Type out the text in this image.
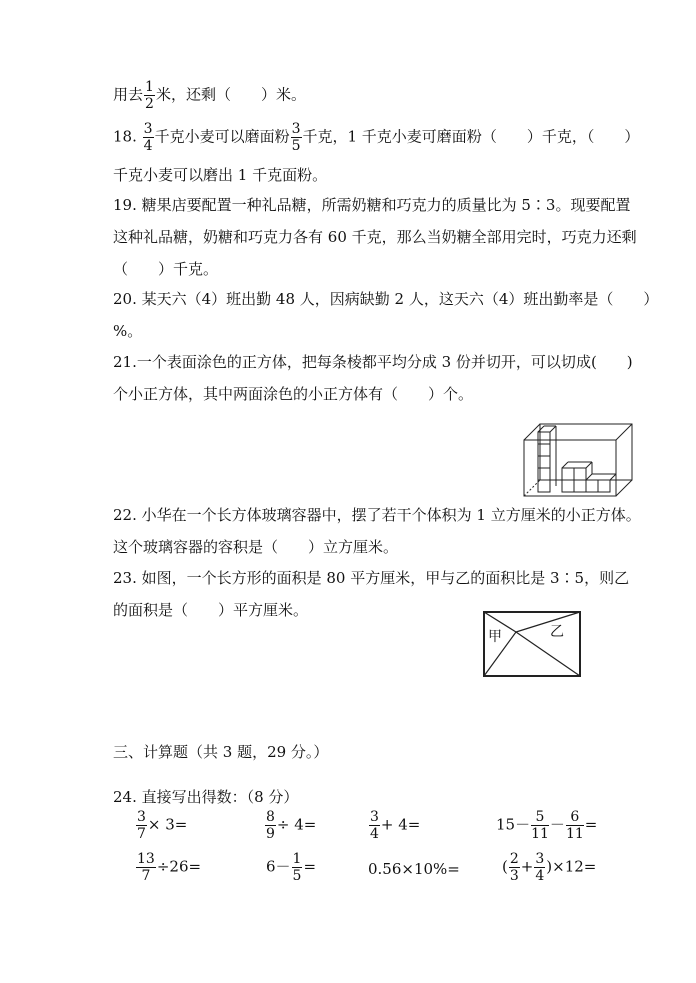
用去 $\frac{1}{2}$ 米，还剩（　　）米。
18. $\frac{3}{4}$ 千克小麦可以磨面粉 $\frac{3}{5}$ 千克，1 千克小麦可磨面粉（　　）千克，（　　）
千克小麦可以磨出 1 千克面粉。
19. 糖果店要配置一种礼品糖，所需奶糖和巧克力的质量比为 5∶3。现要配置
这种礼品糖，奶糖和巧克力各有 60 千克，那么当奶糖全部用完时，巧克力还剩
（　　）千克。
20. 某天六（4）班出勤 48 人，因病缺勤 2 人，这天六（4）班出勤率是（　　）
%。
21.一个表面涂色的正方体，把每条棱都平均分成 3 份并切开，可以切成(　　)
个小正方体，其中两面涂色的小正方体有（　　）个。
22. 小华在一个长方体玻璃容器中，摆了若干个体积为 1 立方厘米的小正方体。
这个玻璃容器的容积是（　　）立方厘米。
23. 如图，一个长方形的面积是 80 平方厘米，甲与乙的面积比是 3∶5，则乙
的面积是（　　）平方厘米。
甲	乙
三、计算题（共 3 题，29 分。）
24. 直接写出得数：（8 分）
$\frac{3}{7} \times 3=$	$\frac{8}{9} \div 4=$	$\frac{3}{4} + 4=$	$15- \frac{5}{11} - \frac{6}{11}$ =
$\frac{13}{7} \div 26=$	$6- \frac{1}{5}$ =	0.56×10%=	( $\frac{2}{3} + \frac{3}{4} )\times 12=$
